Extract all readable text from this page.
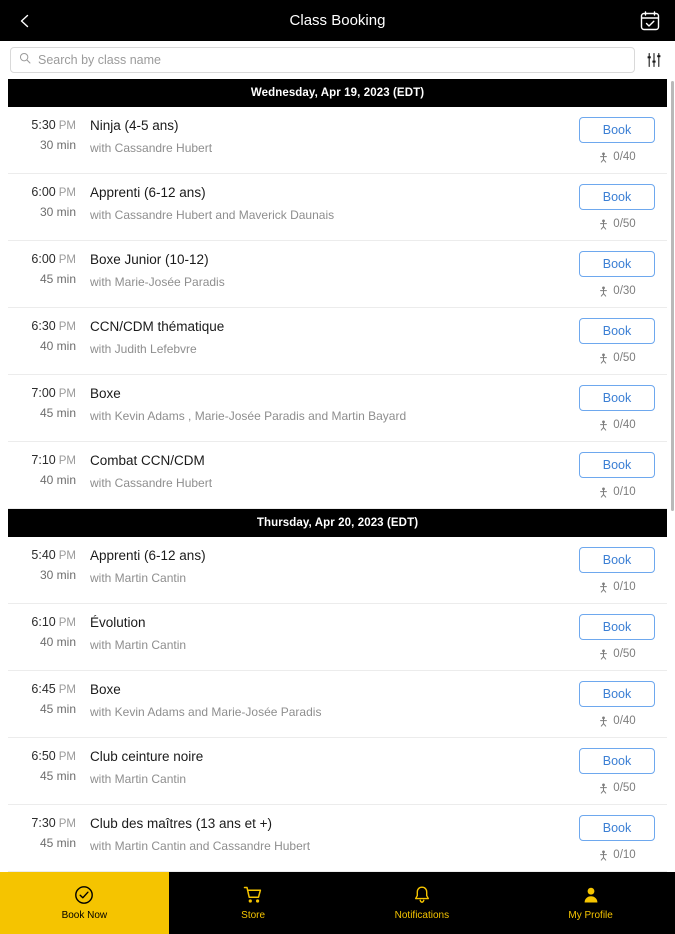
Class Booking
Search by class name
Wednesday, Apr 19, 2023 (EDT)
5:30 PM
30 min
Ninja (4-5 ans)
with Cassandre Hubert
Book
0/40
6:00 PM
30 min
Apprenti (6-12 ans)
with Cassandre Hubert and Maverick Daunais
Book
0/50
6:00 PM
45 min
Boxe Junior (10-12)
with Marie-Josée Paradis
Book
0/30
6:30 PM
40 min
CCN/CDM thématique
with Judith Lefebvre
Book
0/50
7:00 PM
45 min
Boxe
with Kevin Adams , Marie-Josée Paradis and Martin Bayard
Book
0/40
7:10 PM
40 min
Combat CCN/CDM
with Cassandre Hubert
Book
0/10
Thursday, Apr 20, 2023 (EDT)
5:40 PM
30 min
Apprenti (6-12 ans)
with Martin Cantin
Book
0/10
6:10 PM
40 min
Évolution
with Martin Cantin
Book
0/50
6:45 PM
45 min
Boxe
with Kevin Adams and Marie-Josée Paradis
Book
0/40
6:50 PM
45 min
Club ceinture noire
with Martin Cantin
Book
0/50
7:30 PM
45 min
Club des maîtres (13 ans et +)
with Martin Cantin and Cassandre Hubert
Book
0/10
Book Now	Store	Notifications	My Profile
